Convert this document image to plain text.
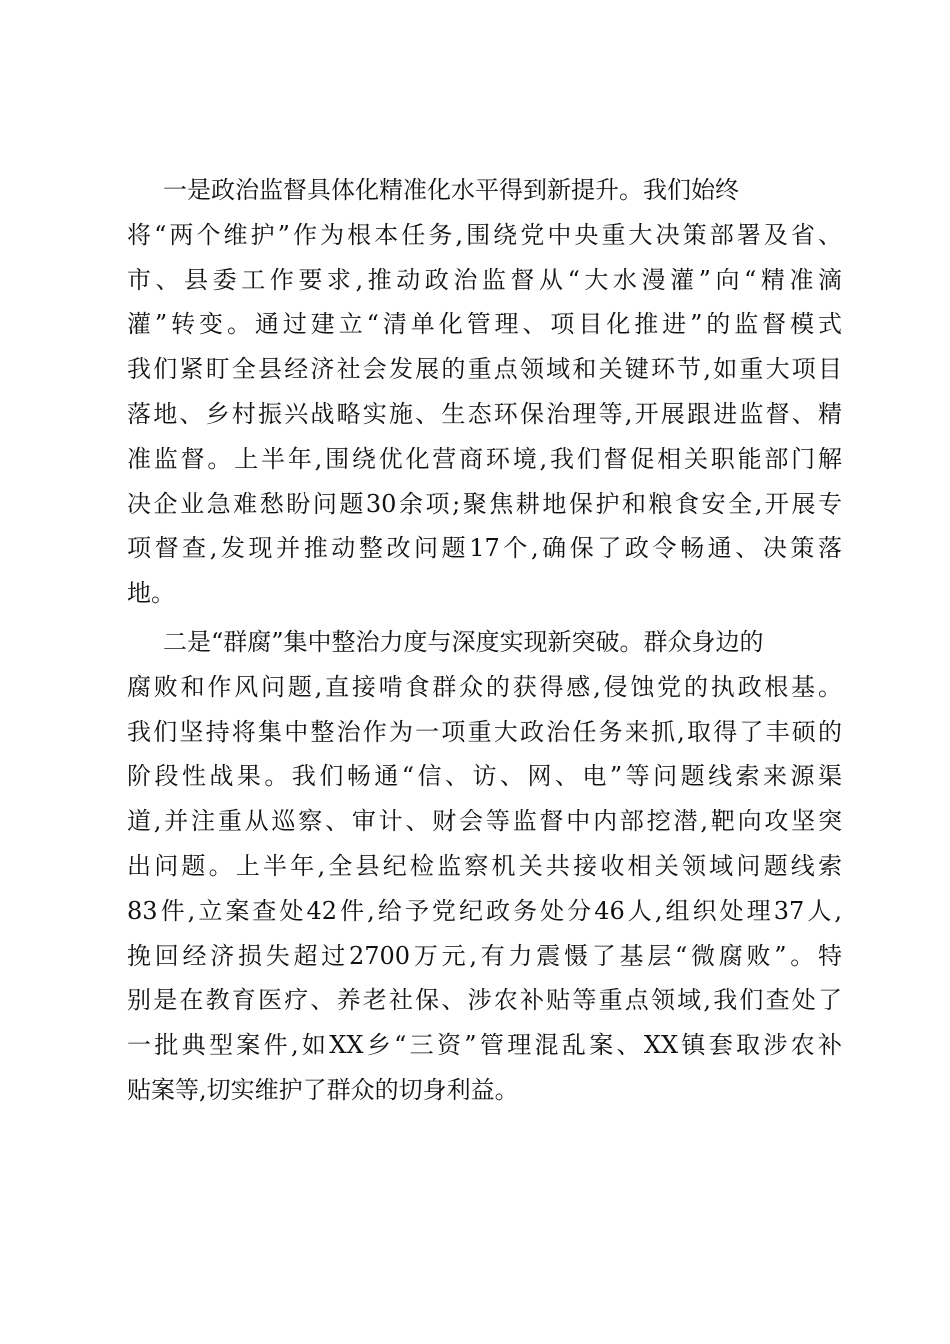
一是政治监督具体化精准化水平得到新提升。我们始终
将“两个维护”作为根本任务,围绕党中央重大决策部署及省、
市、县委工作要求,推动政治监督从“大水漫灌”向“精准滴
灌”转变。通过建立“清单化管理、项目化推进”的监督模式
我们紧盯全县经济社会发展的重点领域和关键环节,如重大项目
落地、乡村振兴战略实施、生态环保治理等,开展跟进监督、精
准监督。上半年,围绕优化营商环境,我们督促相关职能部门解
决企业急难愁盼问题30余项;聚焦耕地保护和粮食安全,开展专
项督查,发现并推动整改问题17个,确保了政令畅通、决策落
地。
二是“群腐”集中整治力度与深度实现新突破。群众身边的
腐败和作风问题,直接啃食群众的获得感,侵蚀党的执政根基。
我们坚持将集中整治作为一项重大政治任务来抓,取得了丰硕的
阶段性战果。我们畅通“信、访、网、电”等问题线索来源渠
道,并注重从巡察、审计、财会等监督中内部挖潜,靶向攻坚突
出问题。上半年,全县纪检监察机关共接收相关领域问题线索
83件,立案查处42件,给予党纪政务处分46人,组织处理37人,
挽回经济损失超过2700万元,有力震慑了基层“微腐败”。特
别是在教育医疗、养老社保、涉农补贴等重点领域,我们查处了
一批典型案件,如XX乡“三资”管理混乱案、XX镇套取涉农补
贴案等,切实维护了群众的切身利益。
